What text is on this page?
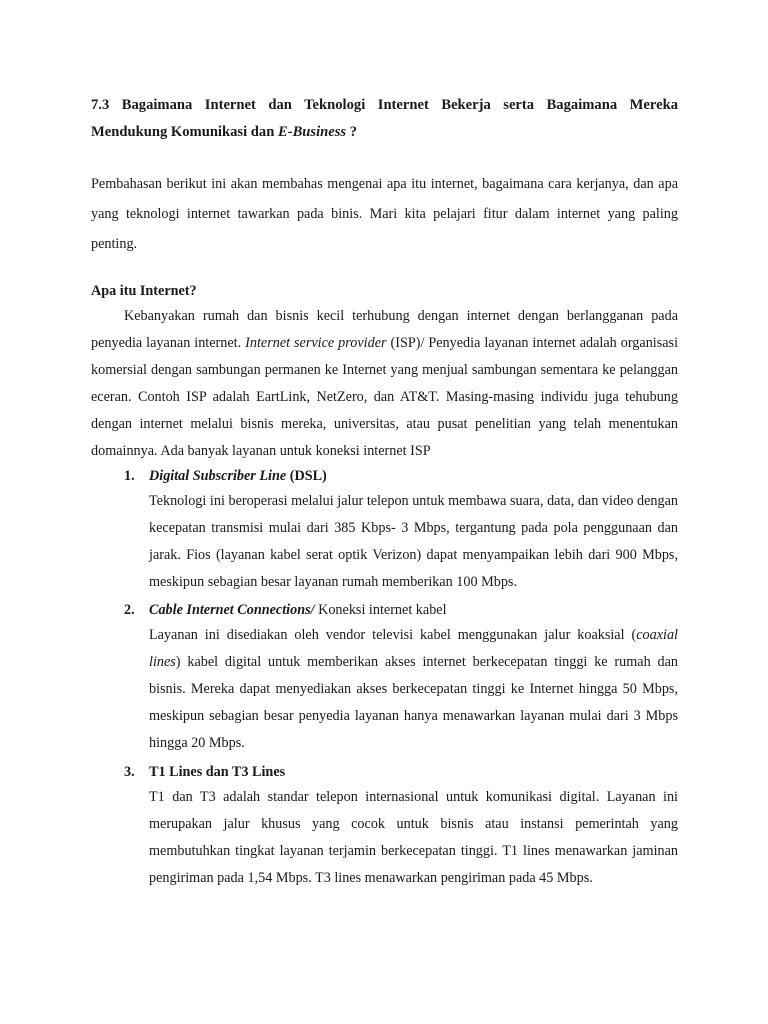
7.3 Bagaimana Internet dan Teknologi Internet Bekerja serta Bagaimana Mereka Mendukung Komunikasi dan E-Business ?
Pembahasan berikut ini akan membahas mengenai apa itu internet, bagaimana cara kerjanya, dan apa yang teknologi internet tawarkan pada binis. Mari kita pelajari fitur dalam internet yang paling penting.
Apa itu Internet?
Kebanyakan rumah dan bisnis kecil terhubung dengan internet dengan berlangganan pada penyedia layanan internet. Internet service provider (ISP)/ Penyedia layanan internet adalah organisasi komersial dengan sambungan permanen ke Internet yang menjual sambungan sementara ke pelanggan eceran. Contoh ISP adalah EartLink, NetZero, dan AT&T. Masing-masing individu juga tehubung dengan internet melalui bisnis mereka, universitas, atau pusat penelitian yang telah menentukan domainnya. Ada banyak layanan untuk koneksi internet ISP
1. Digital Subscriber Line (DSL)
Teknologi ini beroperasi melalui jalur telepon untuk membawa suara, data, dan video dengan kecepatan transmisi mulai dari 385 Kbps- 3 Mbps, tergantung pada pola penggunaan dan jarak. Fios (layanan kabel serat optik Verizon) dapat menyampaikan lebih dari 900 Mbps, meskipun sebagian besar layanan rumah memberikan 100 Mbps.
2. Cable Internet Connections/ Koneksi internet kabel
Layanan ini disediakan oleh vendor televisi kabel menggunakan jalur koaksial (coaxial lines) kabel digital untuk memberikan akses internet berkecepatan tinggi ke rumah dan bisnis. Mereka dapat menyediakan akses berkecepatan tinggi ke Internet hingga 50 Mbps, meskipun sebagian besar penyedia layanan hanya menawarkan layanan mulai dari 3 Mbps hingga 20 Mbps.
3. T1 Lines dan T3 Lines
T1 dan T3 adalah standar telepon internasional untuk komunikasi digital. Layanan ini merupakan jalur khusus yang cocok untuk bisnis atau instansi pemerintah yang membutuhkan tingkat layanan terjamin berkecepatan tinggi. T1 lines menawarkan jaminan pengiriman pada 1,54 Mbps. T3 lines menawarkan pengiriman pada 45 Mbps.
